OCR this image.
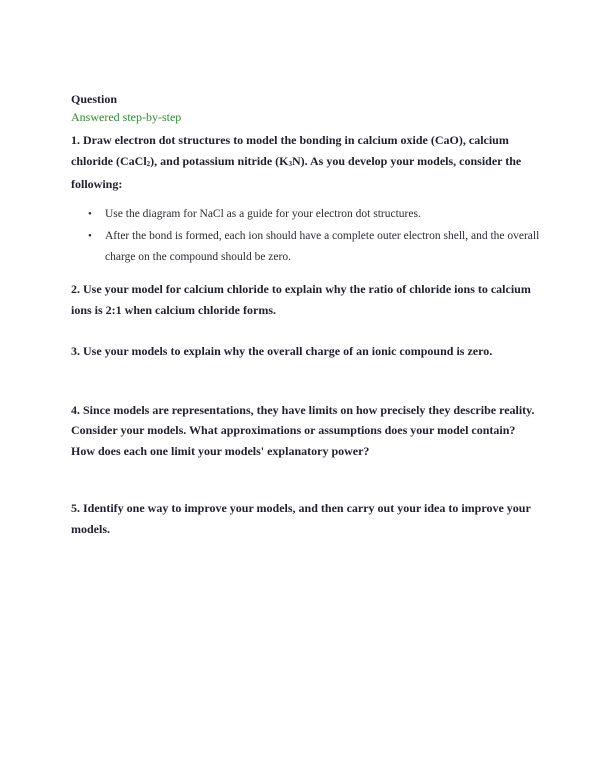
Question

Answered step-by-step

1. Draw electron dot structures to model the bonding in calcium oxide (CaO), calcium chloride (CaCl$_2$), and potassium nitride $(K_3N)$. As you develop your models, consider the following:

• Use the diagram for NaCl as a guide for your electron dot structures.
• After the bond is formed, each ion should have a complete outer electron shell, and the overall charge on the compound should be zero.

2. Use your model for calcium chloride to explain why the ratio of chloride ions to calcium ions is 2:1 when calcium chloride forms.

3. Use your models to explain why the overall charge of an ionic compound is zero.

4. Since models are representations, they have limits on how precisely they describe reality. Consider your models. What approximations or assumptions does your model contain? How does each one limit your models' explanatory power?

5. Identify one way to improve your models, and then carry out your idea to improve your models.
